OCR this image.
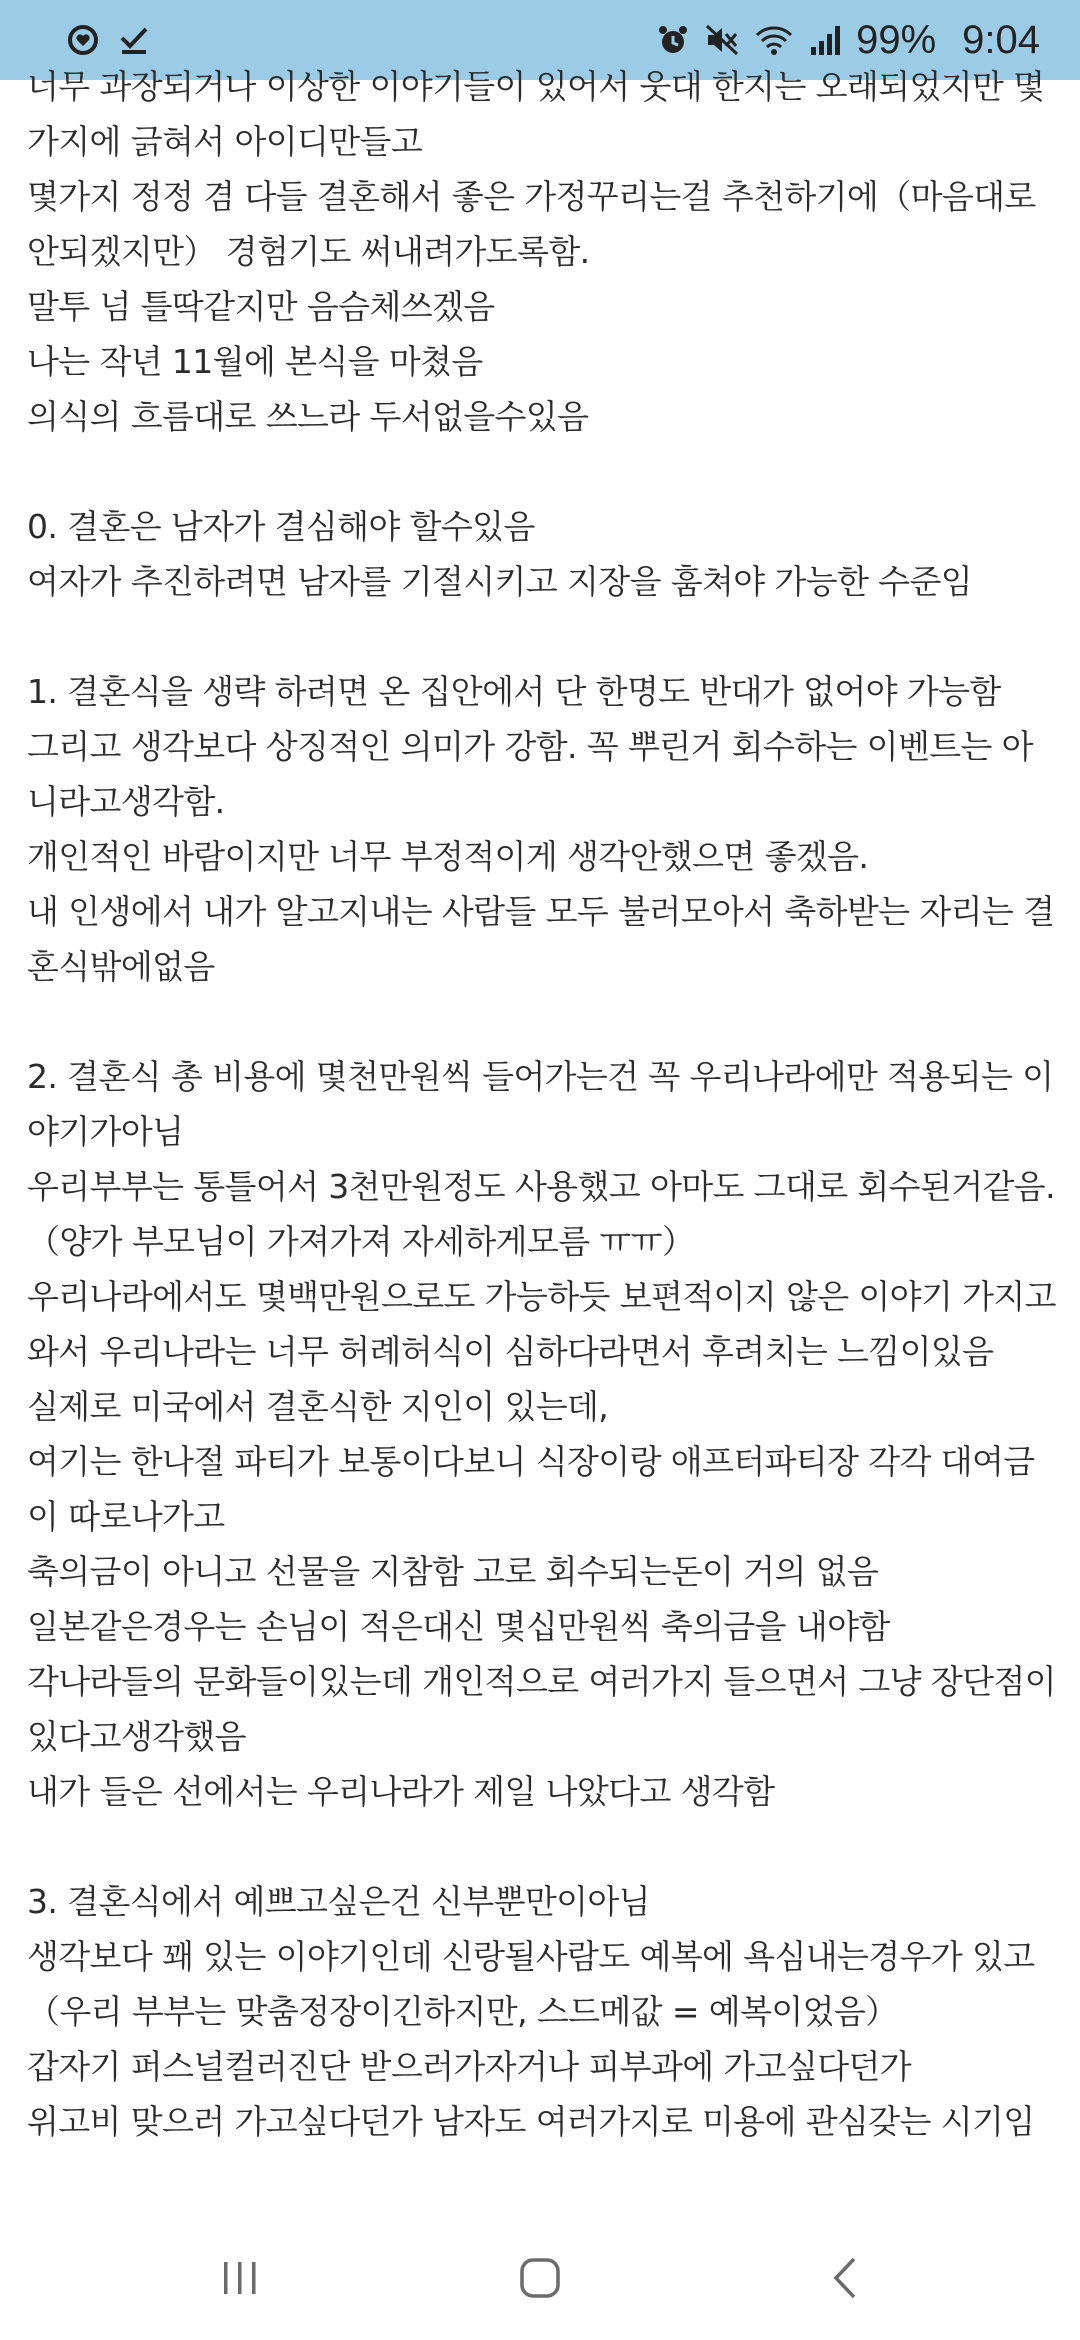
99% 9:04
너무 과장되거나 이상한 이야기들이 있어서 웃대 한지는 오래되었지만 몇
가지에 긁혀서 아이디만들고
몇가지 정정 겸 다들 결혼해서 좋은 가정꾸리는걸 추천하기에（마음대로
안되겠지만） 경험기도 써내려가도록함.
말투 넘 틀딱같지만 음슴체쓰겠음
나는 작년 11월에 본식을 마쳤음
의식의 흐름대로 쓰느라 두서없을수있음
0. 결혼은 남자가 결심해야 할수있음
여자가 추진하려면 남자를 기절시키고 지장을 훔쳐야 가능한 수준임
1. 결혼식을 생략 하려면 온 집안에서 단 한명도 반대가 없어야 가능함
그리고 생각보다 상징적인 의미가 강함. 꼭 뿌린거 회수하는 이벤트는 아
니라고생각함.
개인적인 바람이지만 너무 부정적이게 생각안했으면 좋겠음.
내 인생에서 내가 알고지내는 사람들 모두 불러모아서 축하받는 자리는 결
혼식밖에없음
2. 결혼식 총 비용에 몇천만원씩 들어가는건 꼭 우리나라에만 적용되는 이
야기가아님
우리부부는 통틀어서 3천만원정도 사용했고 아마도 그대로 회수된거같음.
（양가 부모님이 가져가져 자세하게모름 ㅠㅠ）
우리나라에서도 몇백만원으로도 가능하듯 보편적이지 않은 이야기 가지고
와서 우리나라는 너무 허례허식이 심하다라면서 후려치는 느낌이있음
실제로 미국에서 결혼식한 지인이 있는데,
여기는 한나절 파티가 보통이다보니 식장이랑 애프터파티장 각각 대여금
이 따로나가고
축의금이 아니고 선물을 지참함 고로 회수되는돈이 거의 없음
일본같은경우는 손님이 적은대신 몇십만원씩 축의금을 내야함
각나라들의 문화들이있는데 개인적으로 여러가지 들으면서 그냥 장단점이
있다고생각했음
내가 들은 선에서는 우리나라가 제일 나았다고 생각함
3. 결혼식에서 예쁘고싶은건 신부뿐만이아님
생각보다 꽤 있는 이야기인데 신랑될사람도 예복에 욕심내는경우가 있고
（우리 부부는 맞춤정장이긴하지만, 스드메값 = 예복이었음）
갑자기 퍼스널컬러진단 받으러가자거나 피부과에 가고싶다던가
위고비 맞으러 가고싶다던가 남자도 여러가지로 미용에 관심갖는 시기임
